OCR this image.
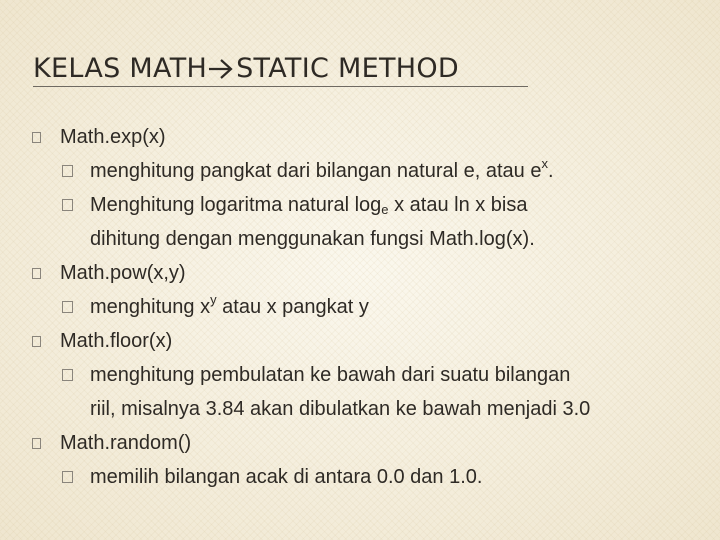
KELAS MATH STATIC METHOD
Math.exp(x)
menghitung pangkat dari bilangan natural e, atau $e^x$.
Menghitung logaritma natural $\log_e x$ atau ln x bisa
dihitung dengan menggunakan fungsi Math.log(x).
Math.pow(x,y)
menghitung $x^y$ atau x pangkat y
Math.floor(x)
menghitung pembulatan ke bawah dari suatu bilangan
riil, misalnya 3.84 akan dibulatkan ke bawah menjadi 3.0
Math.random()
memilih bilangan acak di antara 0.0 dan 1.0.
